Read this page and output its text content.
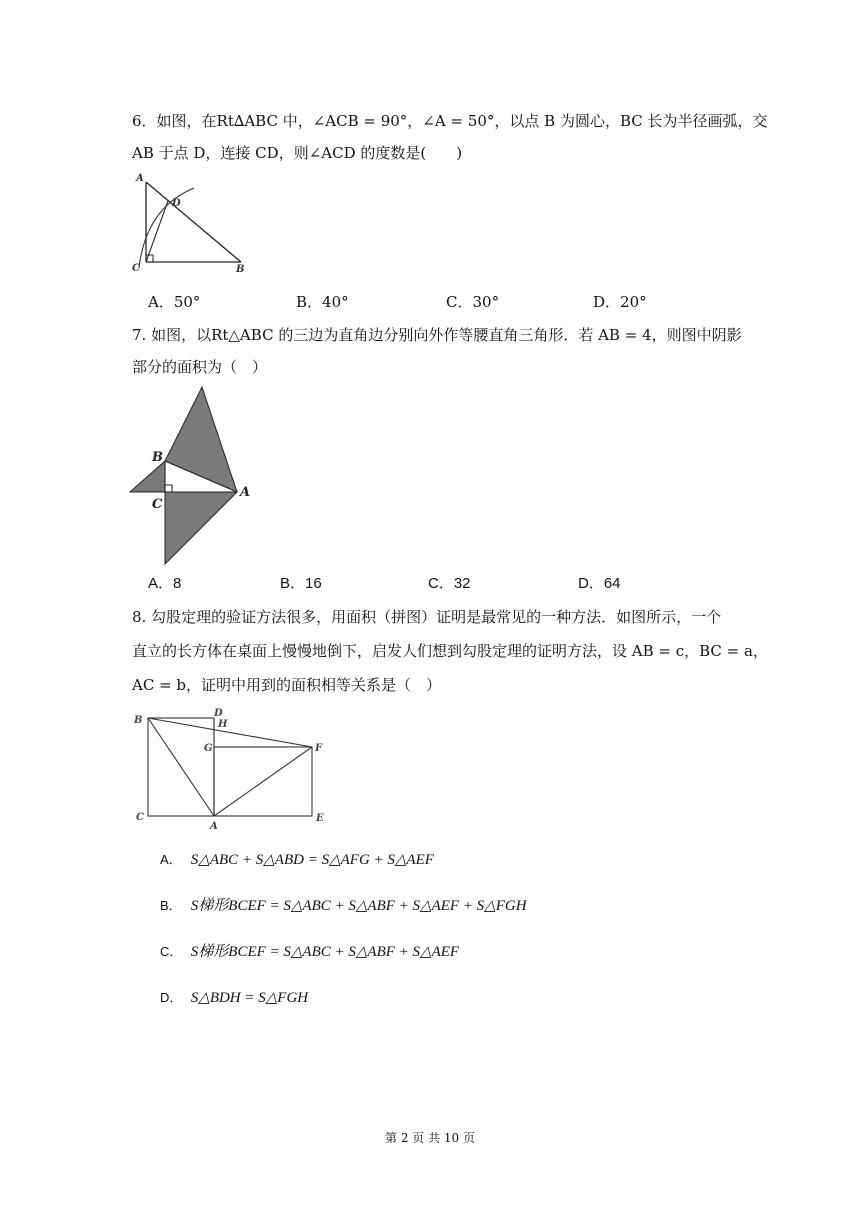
6．如图，在Rt∆ABC 中，∠ACB = 90°，∠A = 50°，以点 B 为圆心，BC 长为半径画弧，交
AB 于点 D，连接 CD，则∠ACD 的度数是(　　)
A
D
C	B
A．50°	B．40°	C．30°	D．20°
7. 如图，以Rt△ABC 的三边为直角边分别向外作等腰直角三角形．若 AB = 4，则图中阴影
部分的面积为（　）
B
C
A
A．8	B．16	C．32	D．64
8. 勾股定理的验证方法很多，用面积（拼图）证明是最常见的一种方法．如图所示，一个
直立的长方体在桌面上慢慢地倒下，启发人们想到勾股定理的证明方法，设 AB = c，BC = a，
AC = b，证明中用到的面积相等关系是（　）
B
D
H
G	F
C
A
E
A． S△ABC + S△ABD = S△AFG + S△AEF
B． S梯形BCEF = S△ABC + S△ABF + S△AEF + S△FGH
C． S梯形BCEF = S△ABC + S△ABF + S△AEF
D． S△BDH = S△FGH
第 2 页 共 10 页
